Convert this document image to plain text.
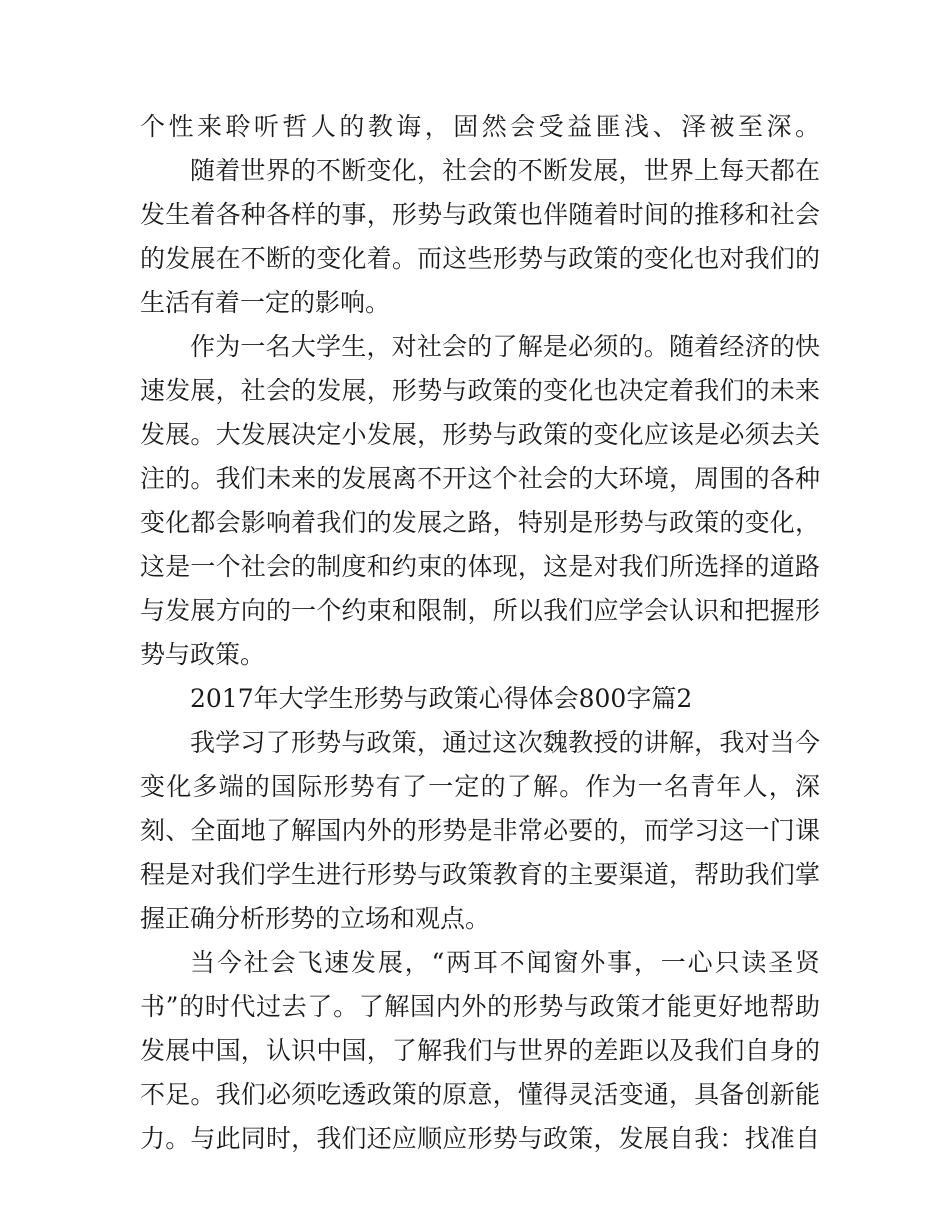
个性来聆听哲人的教诲，固然会受益匪浅、泽被至深。
随着世界的不断变化，社会的不断发展，世界上每天都在
发生着各种各样的事，形势与政策也伴随着时间的推移和社会
的发展在不断的变化着。而这些形势与政策的变化也对我们的
生活有着一定的影响。
作为一名大学生，对社会的了解是必须的。随着经济的快
速发展，社会的发展，形势与政策的变化也决定着我们的未来
发展。大发展决定小发展，形势与政策的变化应该是必须去关
注的。我们未来的发展离不开这个社会的大环境，周围的各种
变化都会影响着我们的发展之路，特别是形势与政策的变化，
这是一个社会的制度和约束的体现，这是对我们所选择的道路
与发展方向的一个约束和限制，所以我们应学会认识和把握形
势与政策。
2017年大学生形势与政策心得体会800字篇2
我学习了形势与政策，通过这次魏教授的讲解，我对当今
变化多端的国际形势有了一定的了解。作为一名青年人，深
刻、全面地了解国内外的形势是非常必要的，而学习这一门课
程是对我们学生进行形势与政策教育的主要渠道，帮助我们掌
握正确分析形势的立场和观点。
当今社会飞速发展，“两耳不闻窗外事，一心只读圣贤
书”的时代过去了。了解国内外的形势与政策才能更好地帮助
发展中国，认识中国，了解我们与世界的差距以及我们自身的
不足。我们必须吃透政策的原意，懂得灵活变通，具备创新能
力。与此同时，我们还应顺应形势与政策，发展自我：找准自
